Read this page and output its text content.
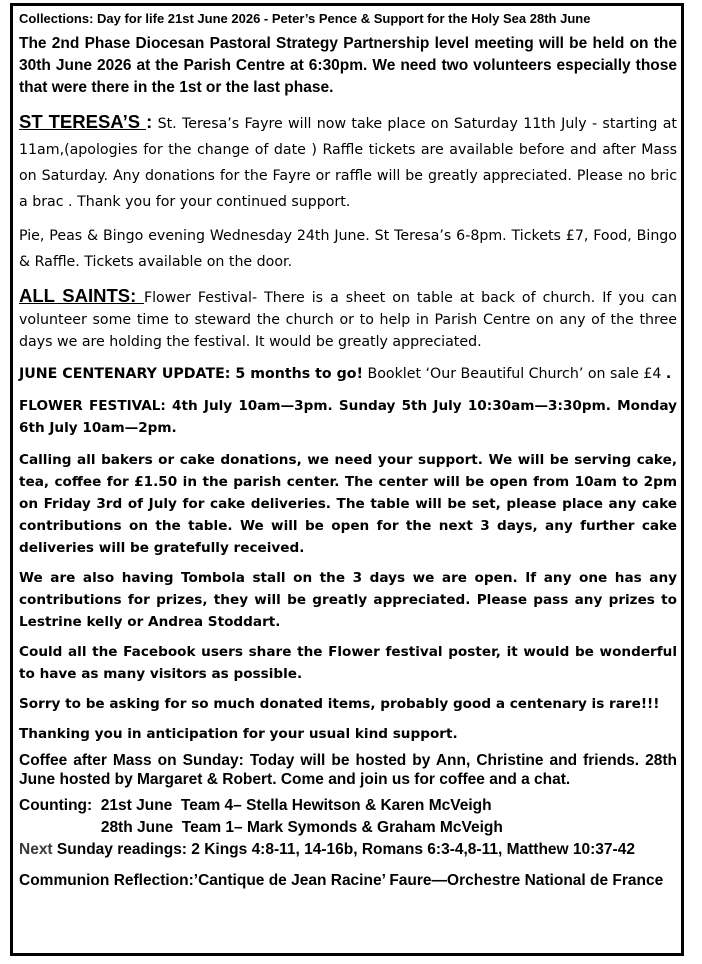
Collections: Day for life 21st June 2026 - Peter’s Pence & Support for the Holy Sea 28th June

The 2nd Phase Diocesan Pastoral Strategy Partnership level meeting will be held on the 30th June 2026 at the Parish Centre at 6:30pm. We need two volunteers especially those that were there in the 1st or the last phase.

ST TERESA’S : St. Teresa’s Fayre will now take place on Saturday 11th July - starting at 11am,(apologies for the change of date ) Raffle tickets are available before and after Mass on Saturday. Any donations for the Fayre or raffle will be greatly appreciated. Please no bric a brac . Thank you for your continued support.

Pie, Peas & Bingo evening Wednesday 24th June. St Teresa’s 6-8pm. Tickets £7, Food, Bingo & Raffle. Tickets available on the door.

ALL SAINTS: Flower Festival- There is a sheet on table at back of church. If you can volunteer some time to steward the church or to help in Parish Centre on any of the three days we are holding the festival. It would be greatly appreciated.

JUNE CENTENARY UPDATE: 5 months to go! Booklet ‘Our Beautiful Church’ on sale £4 .

FLOWER FESTIVAL: 4th July 10am—3pm. Sunday 5th July 10:30am—3:30pm. Monday 6th July 10am—2pm.

Calling all bakers or cake donations, we need your support. We will be serving cake, tea, coffee for £1.50 in the parish center. The center will be open from 10am to 2pm on Friday 3rd of July for cake deliveries. The table will be set, please place any cake contributions on the table. We will be open for the next 3 days, any further cake deliveries will be gratefully received.

We are also having Tombola stall on the 3 days we are open. If any one has any contributions for prizes, they will be greatly appreciated. Please pass any prizes to Lestrine kelly or Andrea Stoddart.

Could all the Facebook users share the Flower festival poster, it would be wonderful to have as many visitors as possible.

Sorry to be asking for so much donated items, probably good a centenary is rare!!!

Thanking you in anticipation for your usual kind support.

Coffee after Mass on Sunday: Today will be hosted by Ann, Christine and friends. 28th June hosted by Margaret & Robert. Come and join us for coffee and a chat.

Counting:  21st June  Team 4– Stella Hewitson & Karen McVeigh

28th June  Team 1– Mark Symonds & Graham McVeigh

Next Sunday readings: 2 Kings 4:8-11, 14-16b, Romans 6:3-4,8-11, Matthew 10:37-42

Communion Reflection:’Cantique de Jean Racine’ Faure—Orchestre National de France
